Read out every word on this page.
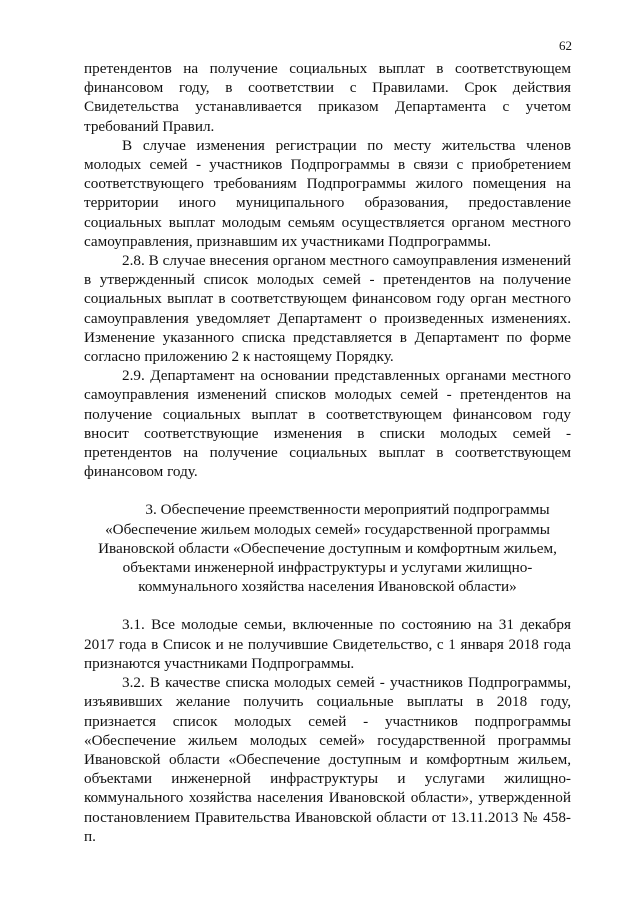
62

претендентов на получение социальных выплат в соответствующем финансовом году, в соответствии с Правилами. Срок действия Свидетельства устанавливается приказом Департамента с учетом требований Правил.

В случае изменения регистрации по месту жительства членов молодых семей - участников Подпрограммы в связи с приобретением соответствующего требованиям Подпрограммы жилого помещения на территории иного муниципального образования, предоставление социальных выплат молодым семьям осуществляется органом местного самоуправления, признавшим их участниками Подпрограммы.

2.8. В случае внесения органом местного самоуправления изменений в утвержденный список молодых семей - претендентов на получение социальных выплат в соответствующем финансовом году орган местного самоуправления уведомляет Департамент о произведенных изменениях. Изменение указанного списка представляется в Департамент по форме согласно приложению 2 к настоящему Порядку.

2.9. Департамент на основании представленных органами местного самоуправления изменений списков молодых семей - претендентов на получение социальных выплат в соответствующем финансовом году вносит соответствующие изменения в списки молодых семей - претендентов на получение социальных выплат в соответствующем финансовом году.

3. Обеспечение преемственности мероприятий подпрограммы
«Обеспечение жильем молодых семей» государственной программы
Ивановской области «Обеспечение доступным и комфортным жильем,
объектами инженерной инфраструктуры и услугами жилищно-
коммунального хозяйства населения Ивановской области»

3.1. Все молодые семьи, включенные по состоянию на 31 декабря 2017 года в Список и не получившие Свидетельство, с 1 января 2018 года признаются участниками Подпрограммы.

3.2. В качестве списка молодых семей - участников Подпрограммы, изъявивших желание получить социальные выплаты в 2018 году, признается список молодых семей - участников подпрограммы «Обеспечение жильем молодых семей» государственной программы Ивановской области «Обеспечение доступным и комфортным жильем, объектами инженерной инфраструктуры и услугами жилищно-коммунального хозяйства населения Ивановской области», утвержденной постановлением Правительства Ивановской области от 13.11.2013 № 458-п.
